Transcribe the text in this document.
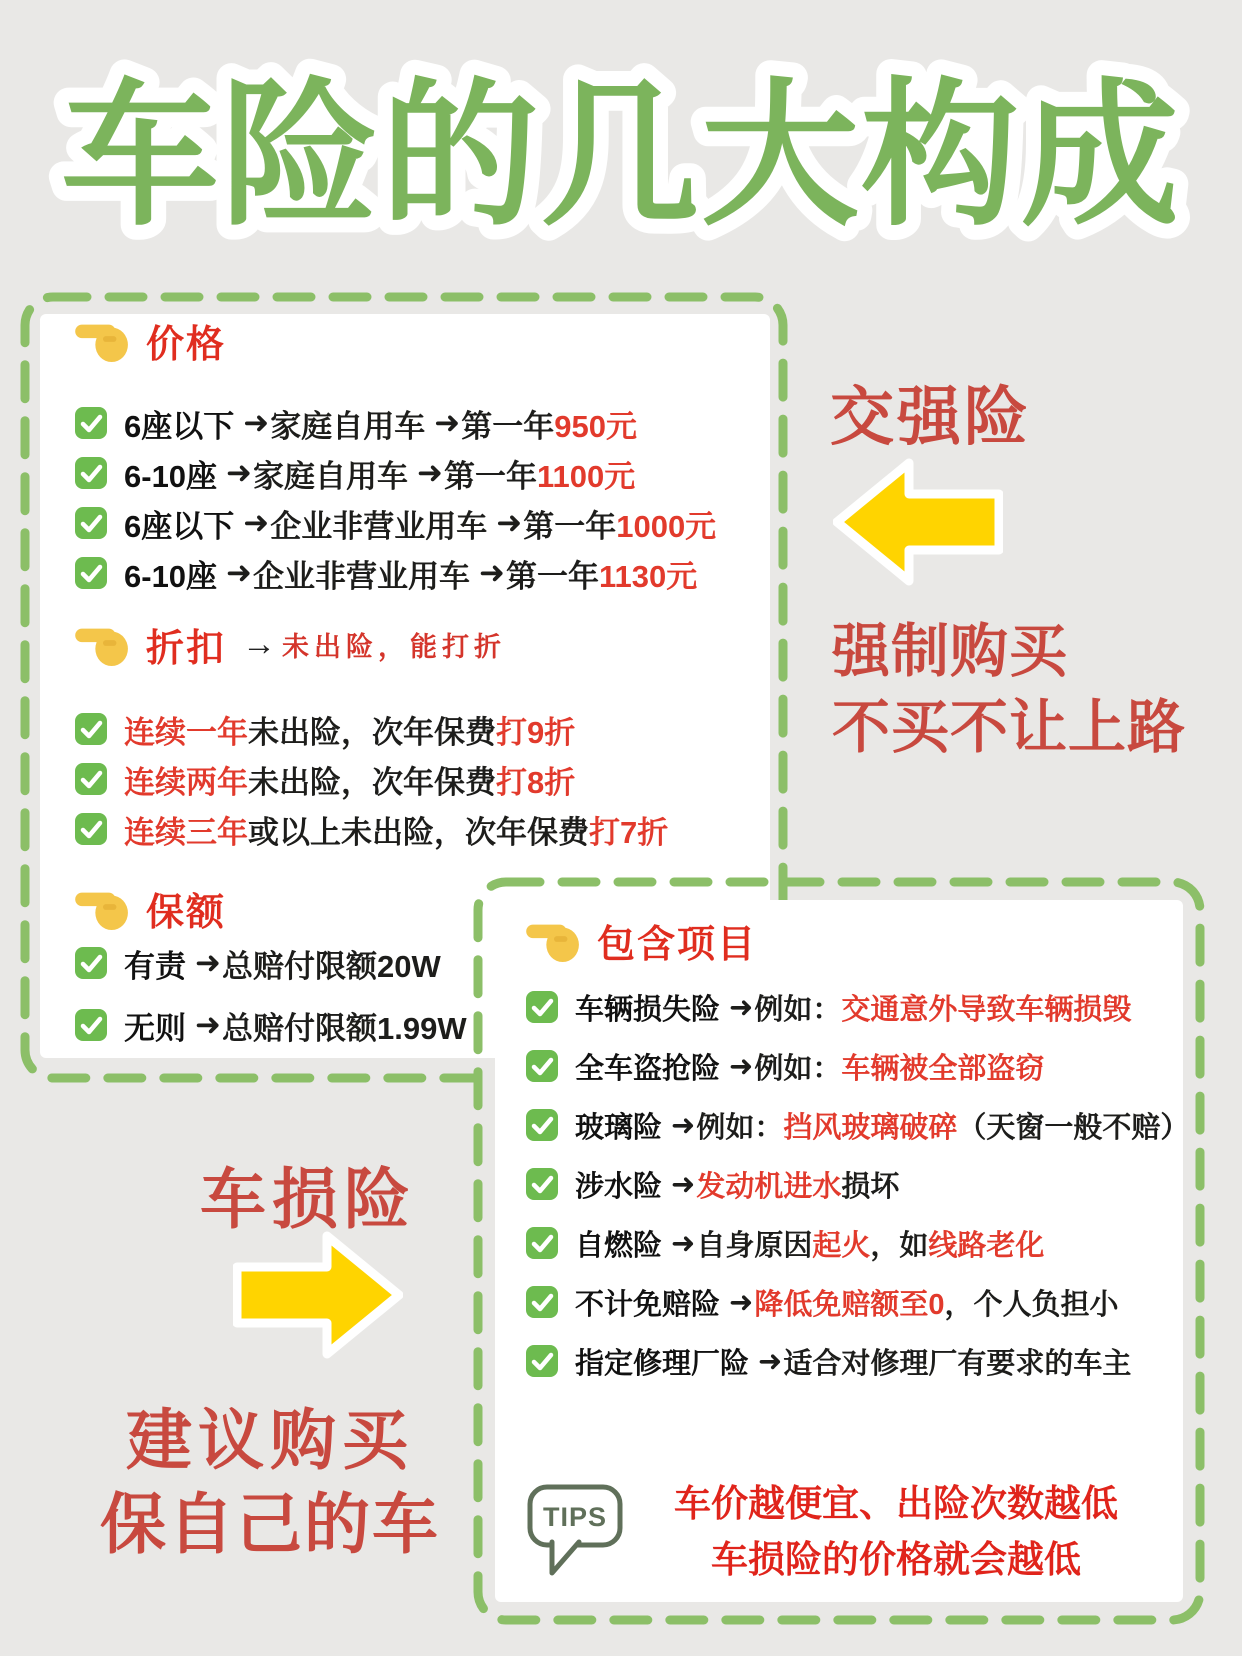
车险的几大构成
价格
6座以下 ➜ 家庭自用车 ➜ 第一年 950元
6-10座 ➜ 家庭自用车 ➜ 第一年 1100元
6座以下 ➜ 企业非营业用车 ➜ 第一年 1000元
6-10座 ➜ 企业非营业用车 ➜ 第一年 1130元
折扣 → 未出险，能打折
连续一年 未出险，次年保费 打9折
连续两年 未出险，次年保费 打8折
连续三年 或以上未出险，次年保费 打7折
保额
有责 ➜ 总赔付限额20W
无则 ➜ 总赔付限额1.99W
交强险
强制购买
不买不让上路
包含项目
车辆损失险 ➜ 例如： 交通意外导致车辆损毁
全车盗抢险 ➜ 例如： 车辆被全部盗窃
玻璃险 ➜ 例如： 挡风玻璃破碎 （天窗一般不赔）
涉水险 ➜ 发动机进水 损坏
自燃险 ➜ 自身原因 起火 ，如 线路老化
不计免赔险 ➜ 降低免赔额至0 ，个人负担小
指定修理厂险 ➜ 适合对修理厂有要求的车主
TIPS	车价越便宜、出险次数越低
车损险的价格就会越低
车损险
建议购买
保自己的车
